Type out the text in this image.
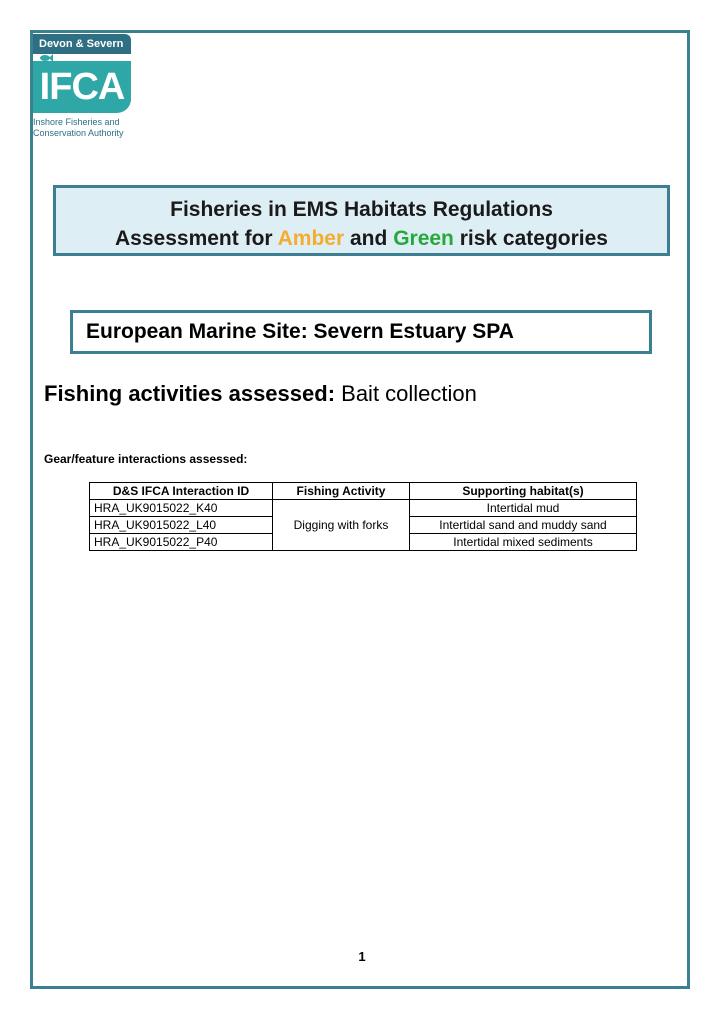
Devon & Severn
IFCA
Inshore Fisheries and
Conservation Authority
Fisheries in EMS Habitats Regulations
Assessment for Amber and Green risk categories
European Marine Site: Severn Estuary SPA
Fishing activities assessed: Bait collection
Gear/feature interactions assessed:
D&S IFCA Interaction ID	Fishing Activity	Supporting habitat(s)
HRA_UK9015022_K40	Digging with forks	Intertidal mud
HRA_UK9015022_L40		Intertidal sand and muddy sand
HRA_UK9015022_P40		Intertidal mixed sediments
1
